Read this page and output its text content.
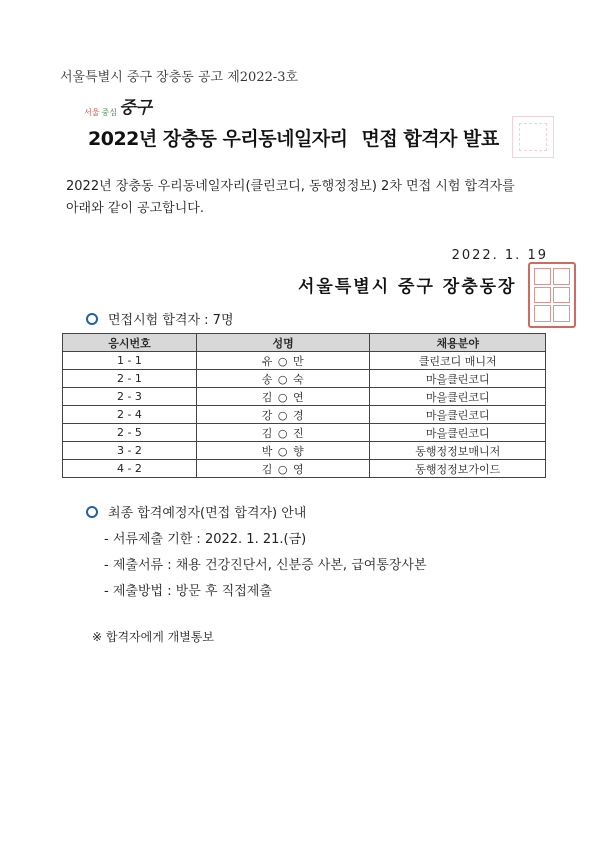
서울특별시 중구 장충동 공고 제2022-3호
서울 중심 중구
2022년 장충동 우리동네일자리 면접 합격자 발표
2022년 장충동 우리동네일자리(클린코디, 동행정정보) 2차 면접 시험 합격자를
아래와 같이 공고합니다.
2022. 1. 19
서울특별시 중구 장충동장
면접시험 합격자 : 7명
응시번호	성명	채용분야
1 - 1	유 ○ 만	클린코디 매니저
2 - 1	송 ○ 숙	마을클린코디
2 - 3	김 ○ 연	마을클린코디
2 - 4	강 ○ 경	마을클린코디
2 - 5	김 ○ 진	마을클린코디
3 - 2	박 ○ 향	동행정정보매니저
4 - 2	김 ○ 영	동행정정보가이드
최종 합격예정자(면접 합격자) 안내
- 서류제출 기한 : 2022. 1. 21.(금)
- 제출서류 : 채용 건강진단서, 신분증 사본, 급여통장사본
- 제출방법 : 방문 후 직접제출
※ 합격자에게 개별통보
